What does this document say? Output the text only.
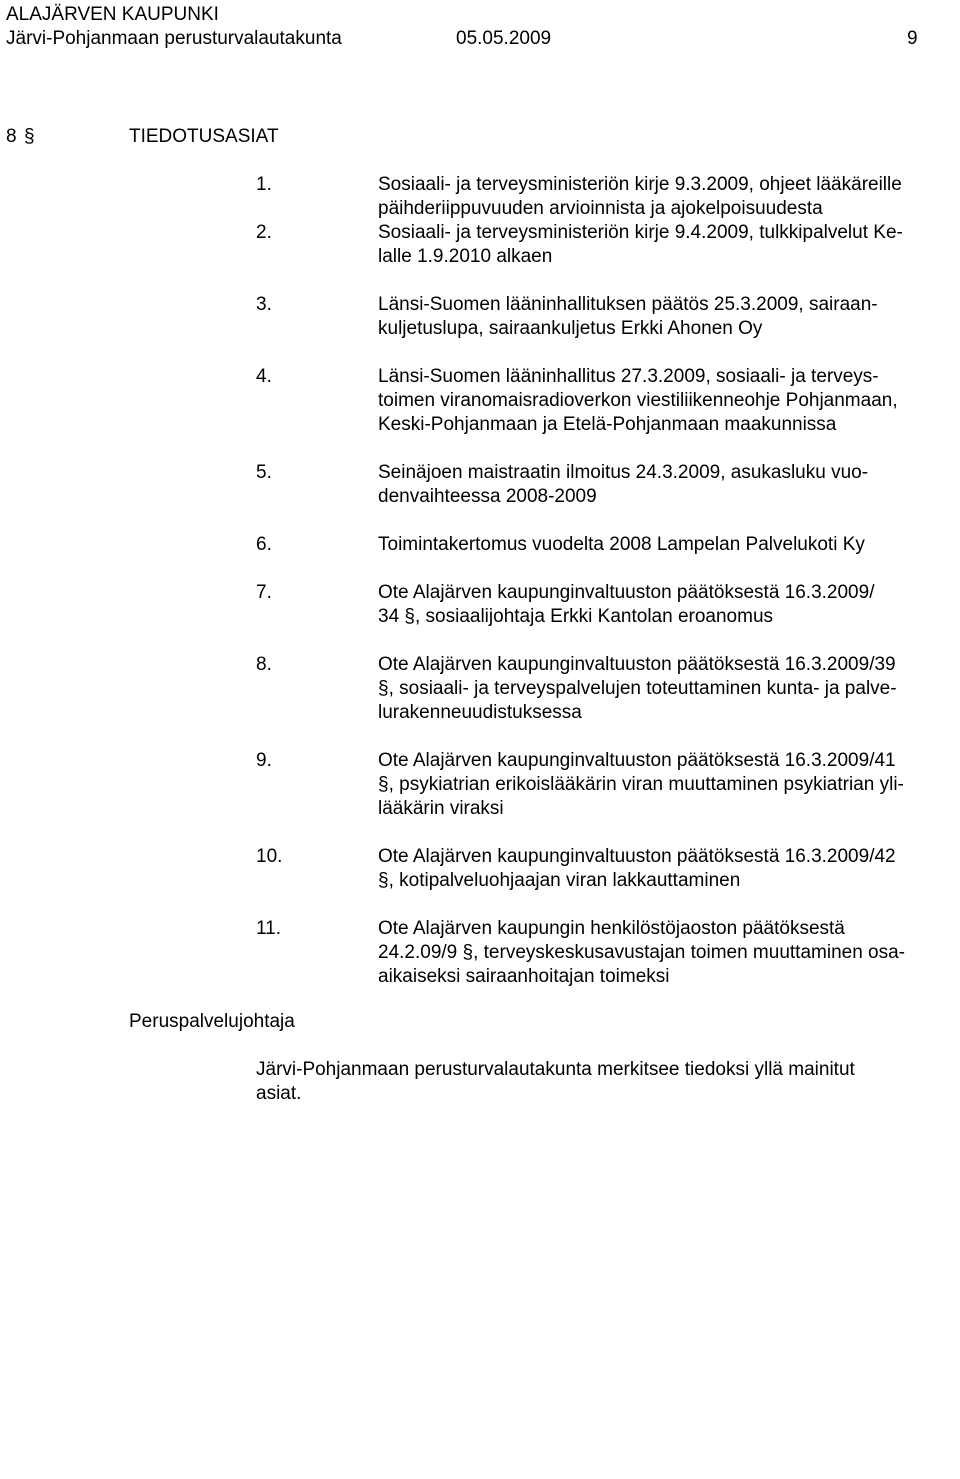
ALAJÄRVEN KAUPUNKI
Järvi-Pohjanmaan perusturvalautakunta	05.05.2009	9
8 §	TIEDOTUSASIAT
1.	Sosiaali- ja terveysministeriön kirje 9.3.2009, ohjeet lääkäreille
päihderiippuvuuden arvioinnista ja ajokelpoisuudesta
2.	Sosiaali- ja terveysministeriön kirje 9.4.2009, tulkkipalvelut Ke-
lalle 1.9.2010 alkaen
3.	Länsi-Suomen lääninhallituksen päätös 25.3.2009, sairaan-
kuljetuslupa, sairaankuljetus Erkki Ahonen Oy
4.	Länsi-Suomen lääninhallitus 27.3.2009, sosiaali- ja terveys-
toimen viranomaisradioverkon viestiliikenneohje Pohjanmaan,
Keski-Pohjanmaan ja Etelä-Pohjanmaan maakunnissa
5.	Seinäjoen maistraatin ilmoitus 24.3.2009, asukasluku vuo-
denvaihteessa 2008-2009
6.	Toimintakertomus vuodelta 2008 Lampelan Palvelukoti Ky
7.	Ote Alajärven kaupunginvaltuuston päätöksestä 16.3.2009/
34 §, sosiaalijohtaja Erkki Kantolan eroanomus
8.	Ote Alajärven kaupunginvaltuuston päätöksestä 16.3.2009/39
§, sosiaali- ja terveyspalvelujen toteuttaminen kunta- ja palve-
lurakenneuudistuksessa
9.	Ote Alajärven kaupunginvaltuuston päätöksestä 16.3.2009/41
§, psykiatrian erikoislääkärin viran muuttaminen psykiatrian yli-
lääkärin viraksi
10.	Ote Alajärven kaupunginvaltuuston päätöksestä 16.3.2009/42
§, kotipalveluohjaajan viran lakkauttaminen
11.	Ote Alajärven kaupungin henkilöstöjaoston päätöksestä
24.2.09/9 §, terveyskeskusavustajan toimen muuttaminen osa-
aikaiseksi sairaanhoitajan toimeksi
Peruspalvelujohtaja
Järvi-Pohjanmaan perusturvalautakunta merkitsee tiedoksi yllä mainitut
asiat.
